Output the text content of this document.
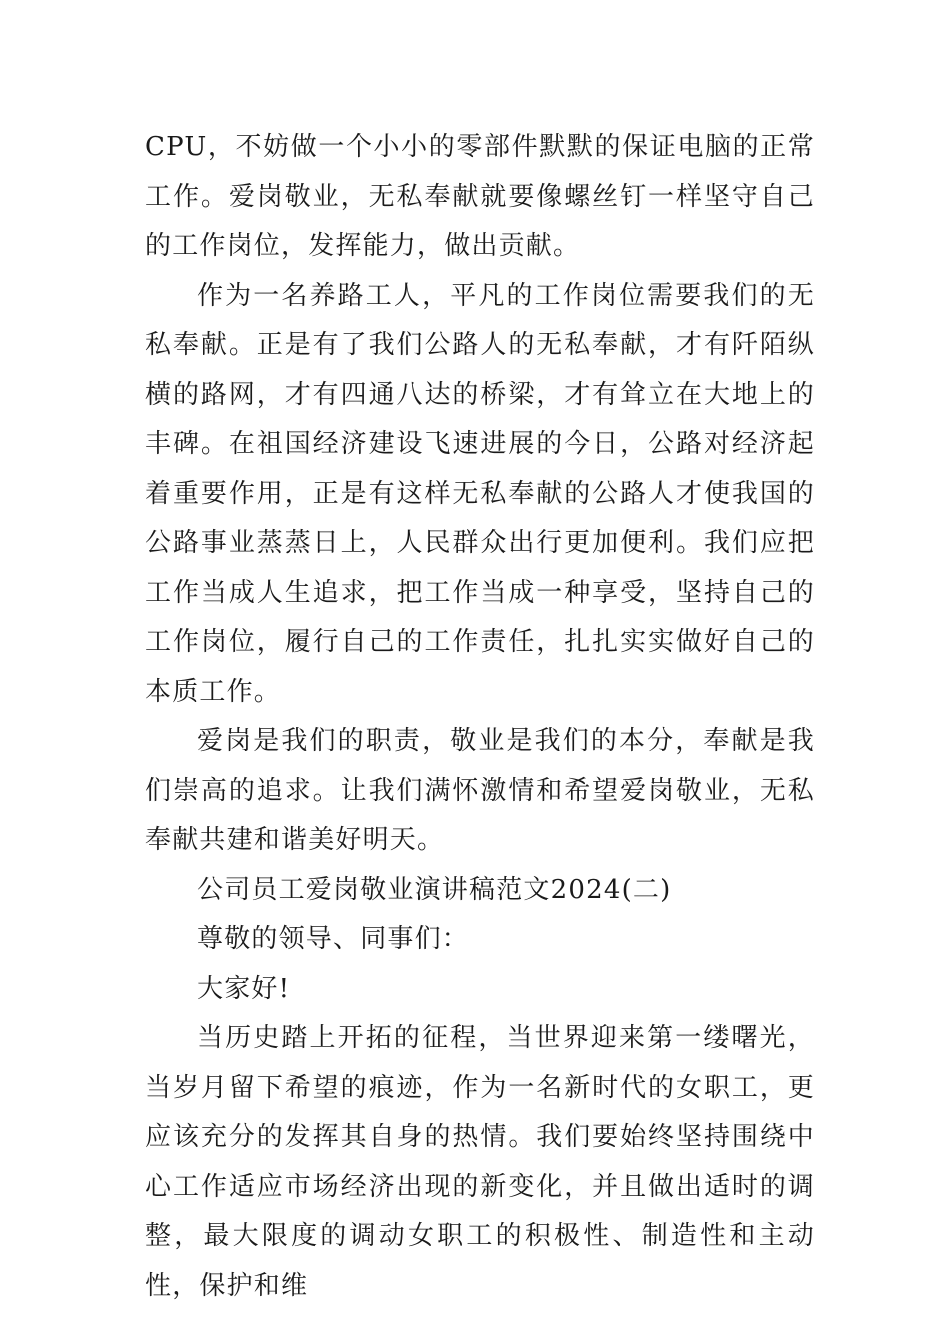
CPU，不妨做一个小小的零部件默默的保证电脑的正常工作。爱岗敬业，无私奉献就要像螺丝钉一样坚守自己的工作岗位，发挥能力，做出贡献。

作为一名养路工人，平凡的工作岗位需要我们的无私奉献。正是有了我们公路人的无私奉献，才有阡陌纵横的路网，才有四通八达的桥梁，才有耸立在大地上的丰碑。在祖国经济建设飞速进展的今日，公路对经济起着重要作用，正是有这样无私奉献的公路人才使我国的公路事业蒸蒸日上，人民群众出行更加便利。我们应把工作当成人生追求，把工作当成一种享受，坚持自己的工作岗位，履行自己的工作责任，扎扎实实做好自己的本质工作。

爱岗是我们的职责，敬业是我们的本分，奉献是我们崇高的追求。让我们满怀激情和希望爱岗敬业，无私奉献共建和谐美好明天。

公司员工爱岗敬业演讲稿范文2024(二)

尊敬的领导、同事们：

大家好!

当历史踏上开拓的征程，当世界迎来第一缕曙光，当岁月留下希望的痕迹，作为一名新时代的女职工，更应该充分的发挥其自身的热情。我们要始终坚持围绕中心工作适应市场经济出现的新变化，并且做出适时的调整，最大限度的调动女职工的积极性、制造性和主动性，保护和维
